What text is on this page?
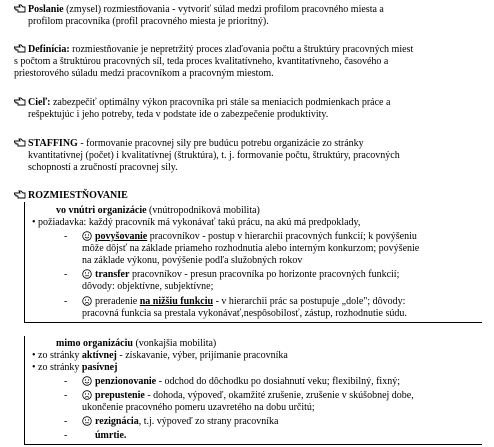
Poslanie (zmysel) rozmiestňovania - vytvoriť súlad medzi profilom pracovného miesta a
profilom pracovníka (profil pracovného miesta je prioritný).
Definícia: rozmiestňovanie je nepretržitý proces zlaďovania počtu a štruktúry pracovných miest
s počtom a štruktúrou pracovných síl, teda proces kvalitatívneho, kvantitatívneho, časového a
priestorového súladu medzi pracovníkom a pracovným miestom.
Cieľ: zabezpečiť optimálny výkon pracovníka pri stále sa meniacich podmienkach práce a
rešpektujúc i jeho potreby, teda v podstate ide o zabezpečenie produktivity.
STAFFING - formovanie pracovnej sily pre budúcu potrebu organizácie zo stránky
kvantitatívnej (počet) i kvalitatívnej (štruktúra), t. j. formovanie počtu, štruktúry, pracovných
schopností a zručností pracovnej sily.
ROZMIESTŇOVANIE
vo vnútri organizácie (vnútropodniková mobilita)
• požiadavka: každý pracovník má vykonávať takú prácu, na akú má predpoklady,
-	povyšovanie pracovníkov - postup v hierarchii pracovných funkcií; k povýšeniu
môže dôjsť na základe priameho rozhodnutia alebo interným konkurzom; povýšenie
na základe výkonu, povýšenie podľa služobných rokov
-	transfer pracovníkov - presun pracovníka po horizonte pracovných funkcií;
dôvody: objektívne, subjektívne;
-	preradenie na nižšiu funkciu - v hierarchii prác sa postupuje „dole"; dôvody:
pracovná funkcia sa prestala vykonávať,nespôsobilosť, zástup, rozhodnutie súdu.
mimo organizáciu (vonkajšia mobilita)
• zo stránky aktívnej - získavanie, výber, prijímanie pracovníka
• zo stránky pasívnej
-	penzionovanie - odchod do dôchodku po dosiahnutí veku; flexibilný, fixný;
-	prepustenie - dohoda, výpoveď, okamžité zrušenie, zrušenie v skúšobnej dobe,
ukončenie pracovného pomeru uzavretého na dobu určitú;
-	rezignácia, t.j. výpoveď zo strany pracovníka
-	úmrtie.
